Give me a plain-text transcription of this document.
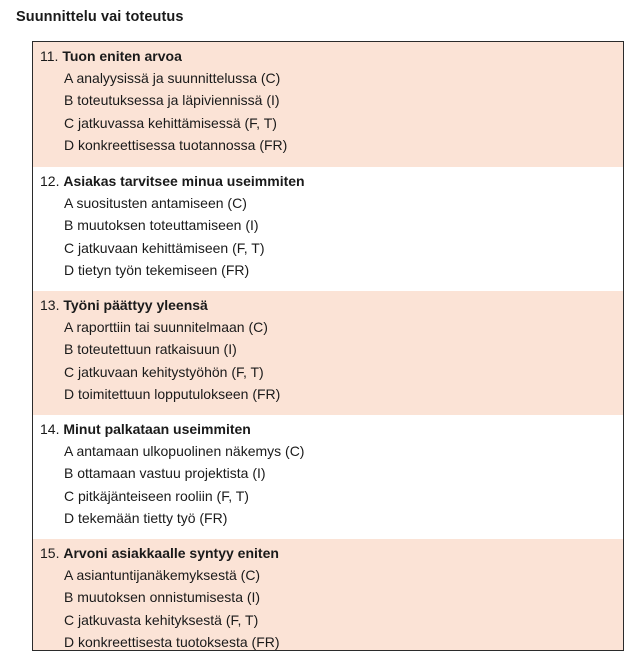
Suunnittelu vai toteutus
11. Tuon eniten arvoa
A analyysissä ja suunnittelussa (C)
B toteutuksessa ja läpiviennissä (I)
C jatkuvassa kehittämisessä (F, T)
D konkreettisessa tuotannossa (FR)
12. Asiakas tarvitsee minua useimmiten
A suositusten antamiseen (C)
B muutoksen toteuttamiseen (I)
C jatkuvaan kehittämiseen (F, T)
D tietyn työn tekemiseen (FR)
13. Työni päättyy yleensä
A raporttiin tai suunnitelmaan (C)
B toteutettuun ratkaisuun (I)
C jatkuvaan kehitystyöhön (F, T)
D toimitettuun lopputulokseen (FR)
14. Minut palkataan useimmiten
A antamaan ulkopuolinen näkemys (C)
B ottamaan vastuu projektista (I)
C pitkäjänteiseen rooliin (F, T)
D tekemään tietty työ (FR)
15. Arvoni asiakkaalle syntyy eniten
A asiantuntijanäkemyksestä (C)
B muutoksen onnistumisesta (I)
C jatkuvasta kehityksestä (F, T)
D konkreettisesta tuotoksesta (FR)
